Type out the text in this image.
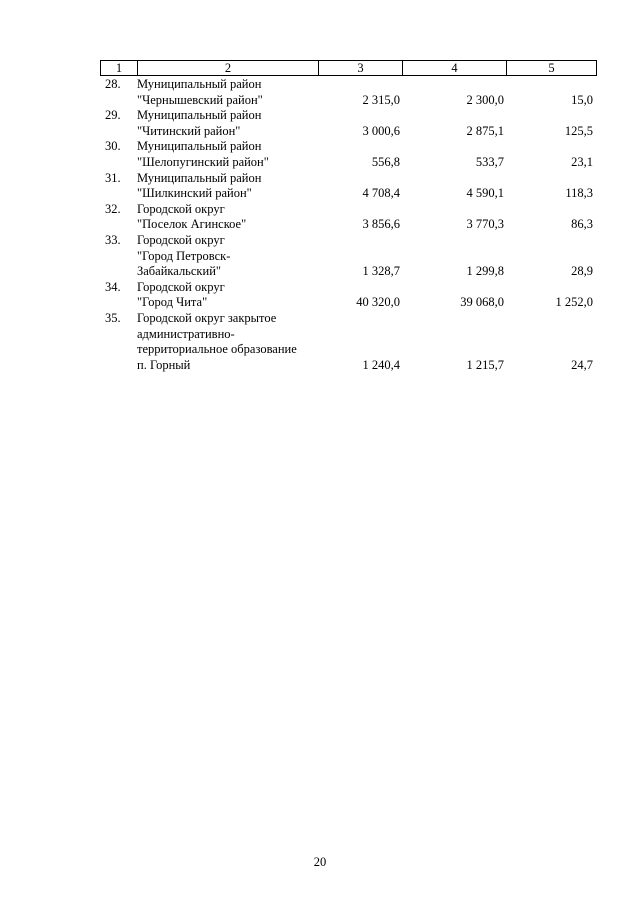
1	2	3	4	5
28.	Муниципальный район
"Чернышевский район"	2 315,0	2 300,0	15,0
29.	Муниципальный район
"Читинский район"	3 000,6	2 875,1	125,5
30.	Муниципальный район
"Шелопугинский район"	556,8	533,7	23,1
31.	Муниципальный район
"Шилкинский район"	4 708,4	4 590,1	118,3
32.	Городской округ
"Поселок Агинское"	3 856,6	3 770,3	86,3
33.	Городской округ
"Город Петровск-
Забайкальский"	1 328,7	1 299,8	28,9
34.	Городской округ
"Город Чита"	40 320,0	39 068,0	1 252,0
35.	Городской округ закрытое
административно-
территориальное образование
п. Горный	1 240,4	1 215,7	24,7
20
